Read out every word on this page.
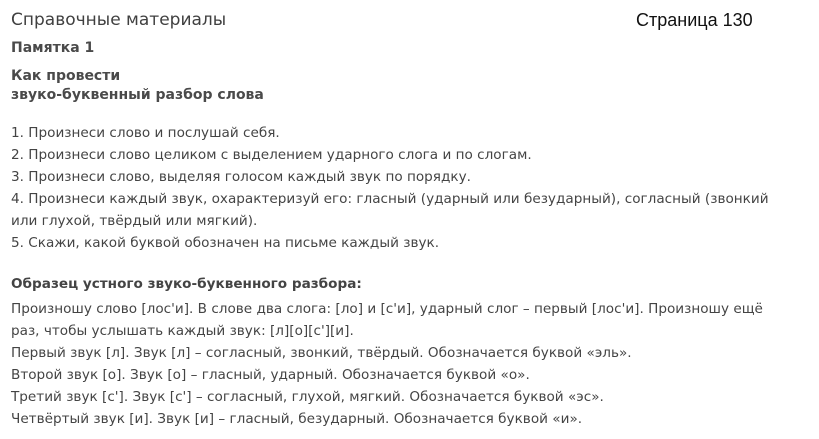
Страница 130
Справочные материалы
Памятка 1
Как провести
звуко-буквенный разбор слова
1. Произнеси слово и послушай себя.
2. Произнеси слово целиком с выделением ударного слога и по слогам.
3. Произнеси слово, выделяя голосом каждый звук по порядку.
4. Произнеси каждый звук, охарактеризуй его: гласный (ударный или безударный), согласный (звонкий
или глухой, твёрдый или мягкий).
5. Скажи, какой буквой обозначен на письме каждый звук.
Образец устного звуко-буквенного разбора:
Произношу слово [лос'и]. В слове два слога: [ло] и [с'и], ударный слог – первый [лос'и]. Произношу ещё
раз, чтобы услышать каждый звук: [л][о][с'][и].
Первый звук [л]. Звук [л] – согласный, звонкий, твёрдый. Обозначается буквой «эль».
Второй звук [о]. Звук [о] – гласный, ударный. Обозначается буквой «о».
Третий звук [с']. Звук [с'] – согласный, глухой, мягкий. Обозначается буквой «эс».
Четвёртый звук [и]. Звук [и] – гласный, безударный. Обозначается буквой «и».
